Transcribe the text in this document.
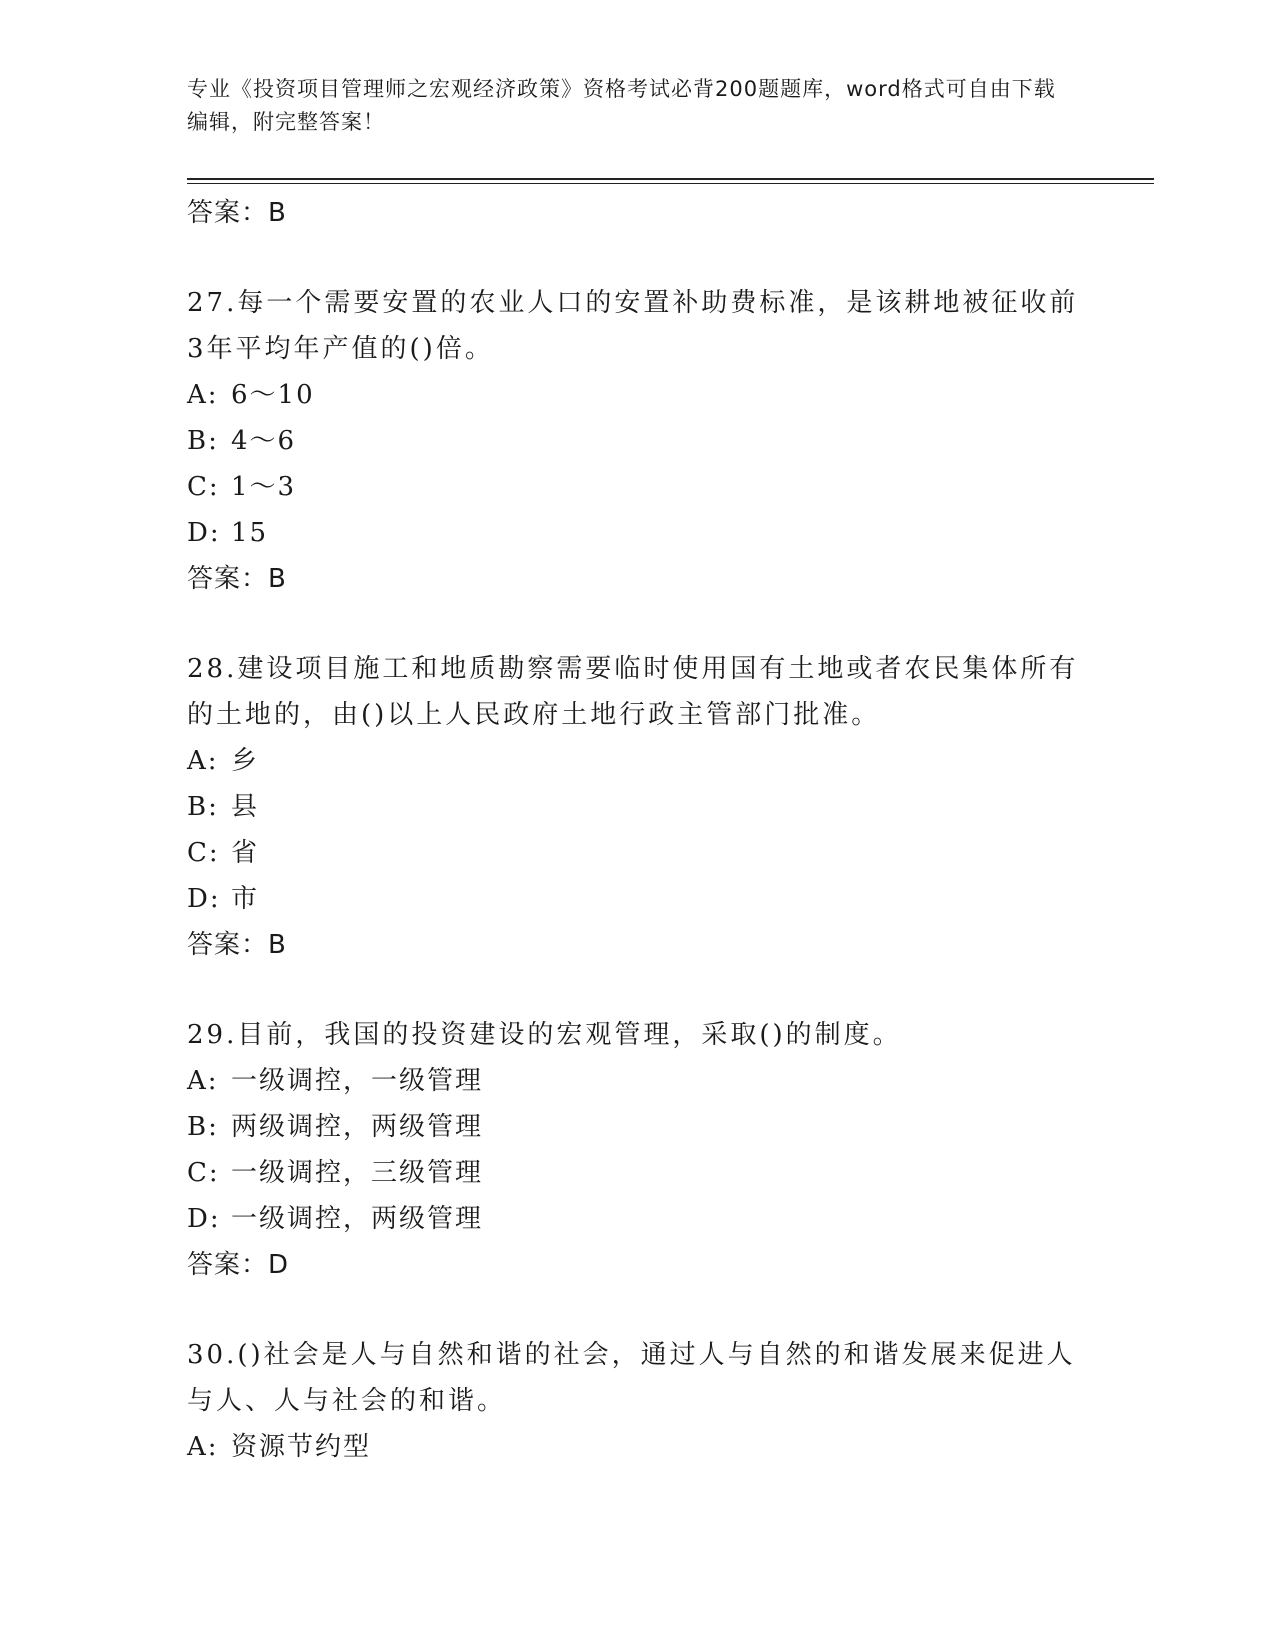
专业《投资项目管理师之宏观经济政策》资格考试必背200题题库，word格式可自由下载编辑，附完整答案！

答案：B

27.每一个需要安置的农业人口的安置补助费标准，是该耕地被征收前3年平均年产值的()倍。

A: 6～10

B: 4～6

C: 1～3

D: 15

答案：B

28.建设项目施工和地质勘察需要临时使用国有土地或者农民集体所有的土地的，由()以上人民政府土地行政主管部门批准。

A: 乡

B: 县

C: 省

D: 市

答案：B

29.目前，我国的投资建设的宏观管理，采取()的制度。

A: 一级调控，一级管理

B: 两级调控，两级管理

C: 一级调控，三级管理

D: 一级调控，两级管理

答案：D

30.()社会是人与自然和谐的社会，通过人与自然的和谐发展来促进人与人、人与社会的和谐。

A: 资源节约型
